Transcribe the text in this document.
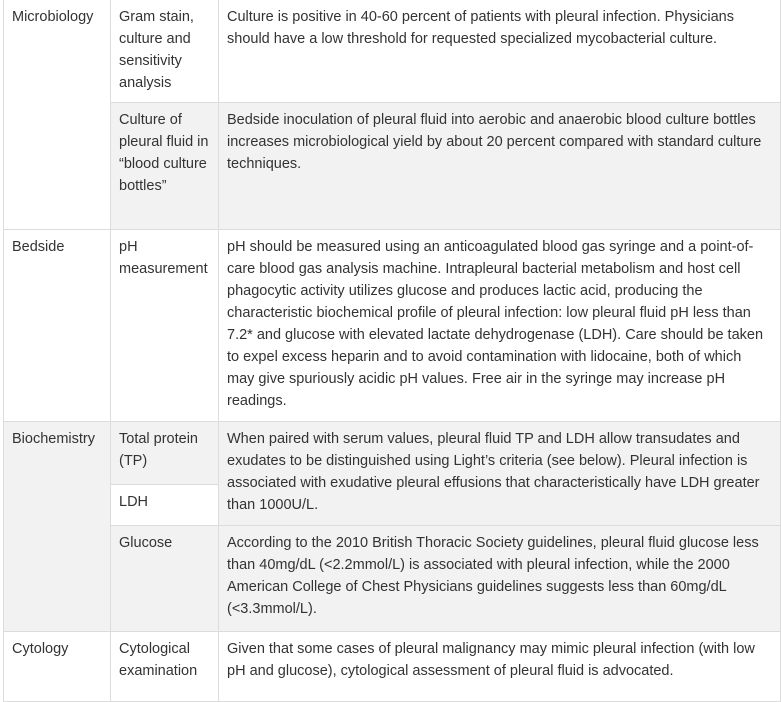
Microbiology	Gram stain, culture and sensitivity analysis	Culture is positive in 40-60 percent of patients with pleural infection. Physicians should have a low threshold for requested specialized mycobacterial culture.
	Culture of pleural fluid in “blood culture bottles”	Bedside inoculation of pleural fluid into aerobic and anaerobic blood culture bottles increases microbiological yield by about 20 percent compared with standard culture techniques.
Bedside	pH measurement	pH should be measured using an anticoagulated blood gas syringe and a point-of-care blood gas analysis machine. Intrapleural bacterial metabolism and host cell phagocytic activity utilizes glucose and produces lactic acid, producing the characteristic biochemical profile of pleural infection: low pleural fluid pH less than 7.2* and glucose with elevated lactate dehydrogenase (LDH). Care should be taken to expel excess heparin and to avoid contamination with lidocaine, both of which may give spuriously acidic pH values. Free air in the syringe may increase pH readings.
Biochemistry	Total protein (TP)	When paired with serum values, pleural fluid TP and LDH allow transudates and exudates to be distinguished using Light’s criteria (see below). Pleural infection is associated with exudative pleural effusions that characteristically have LDH greater than 1000U/L.
	LDH	
	Glucose	According to the 2010 British Thoracic Society guidelines, pleural fluid glucose less than 40mg/dL (<2.2mmol/L) is associated with pleural infection, while the 2000 American College of Chest Physicians guidelines suggests less than 60mg/dL (<3.3mmol/L).
Cytology	Cytological examination	Given that some cases of pleural malignancy may mimic pleural infection (with low pH and glucose), cytological assessment of pleural fluid is advocated.
